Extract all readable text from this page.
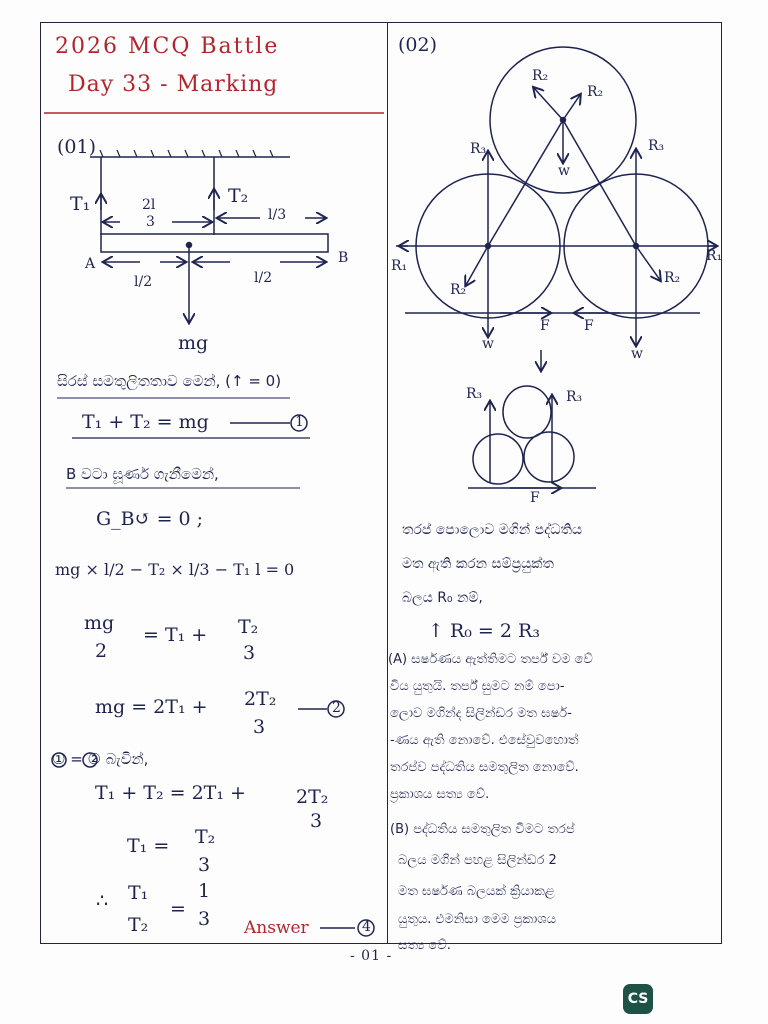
2026 MCQ Battle
Day 33 - Marking
(01)
T₁	T₂
2l
3	l/3
A	B
l/2	l/2
mg
සිරස් සමතුලිතතාව මෙන්, (↑ = 0)
T₁ + T₂ = mg	1
B වටා ඝූර්ණ ගැනීමෙන්,
G_B↺ = 0 ;
mg × l/2 − T₂ × l/3 − T₁ l = 0
mg
2
= T₁ + T₂
3
mg = 2T₁ + 2T₂
3
2
① = ② බැවින්,
T₁ + T₂ = 2T₁ +	2T₂
3
T₁ = T₂
3
∴ T₁
T₂
=
1
3 Answer	4
(02)
R₂
R₂
R₃	R₃
w
R₁
R₁
R₂
R₂
F F
w
w
R₃	R₃
F
තරප් පොලොව මගින් පද්ධතිය
මත ඇති කරන සම්ප්‍රයුක්ත
බලය R₀ නම්,
↑ R₀ = 2 R₃
(A) සර්ෂණය ඇත්තිමට තර්ප් වම වේ
විය යුතුයි. තර්ප් සුමට නම් පො-
ලොව මගින්ද සිලින්ඩර මත ඝර්ෂ-
-ණය ඇති නොවේ. එසේවුවහොත්
තරප්ව පද්ධතිය සමතුලිත නොවේ.
ප්‍රකාශය සත්‍ය වේ.
(B) පද්ධතිය සමතුලිත වීමට තරප්
බලය මගින් පහළ සිලින්ඩර 2
මත ඝර්ෂණ බලයක් ක්‍රියාකළ
යුතුය. එමනිසා මෙම ප්‍රකාශය
සත්‍ය වේ.
- 01 -
CS
